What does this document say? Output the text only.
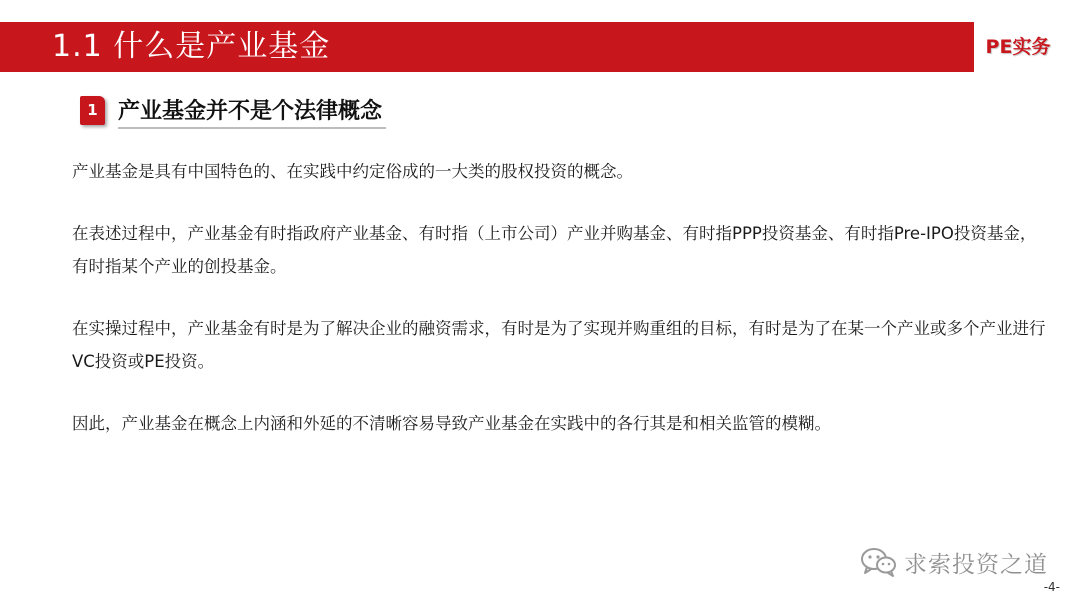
1.1 什么是产业基金	PE实务
1 产业基金并不是个法律概念

产业基金是具有中国特色的、在实践中约定俗成的一大类的股权投资的概念。

在表述过程中，产业基金有时指政府产业基金、有时指（上市公司）产业并购基金、有时指PPP投资基金、有时指Pre-IPO投资基金，有时指某个产业的创投基金。

在实操过程中，产业基金有时是为了解决企业的融资需求，有时是为了实现并购重组的目标，有时是为了在某一个产业或多个产业进行VC投资或PE投资。

因此，产业基金在概念上内涵和外延的不清晰容易导致产业基金在实践中的各行其是和相关监管的模糊。

求索投资之道
-4-
